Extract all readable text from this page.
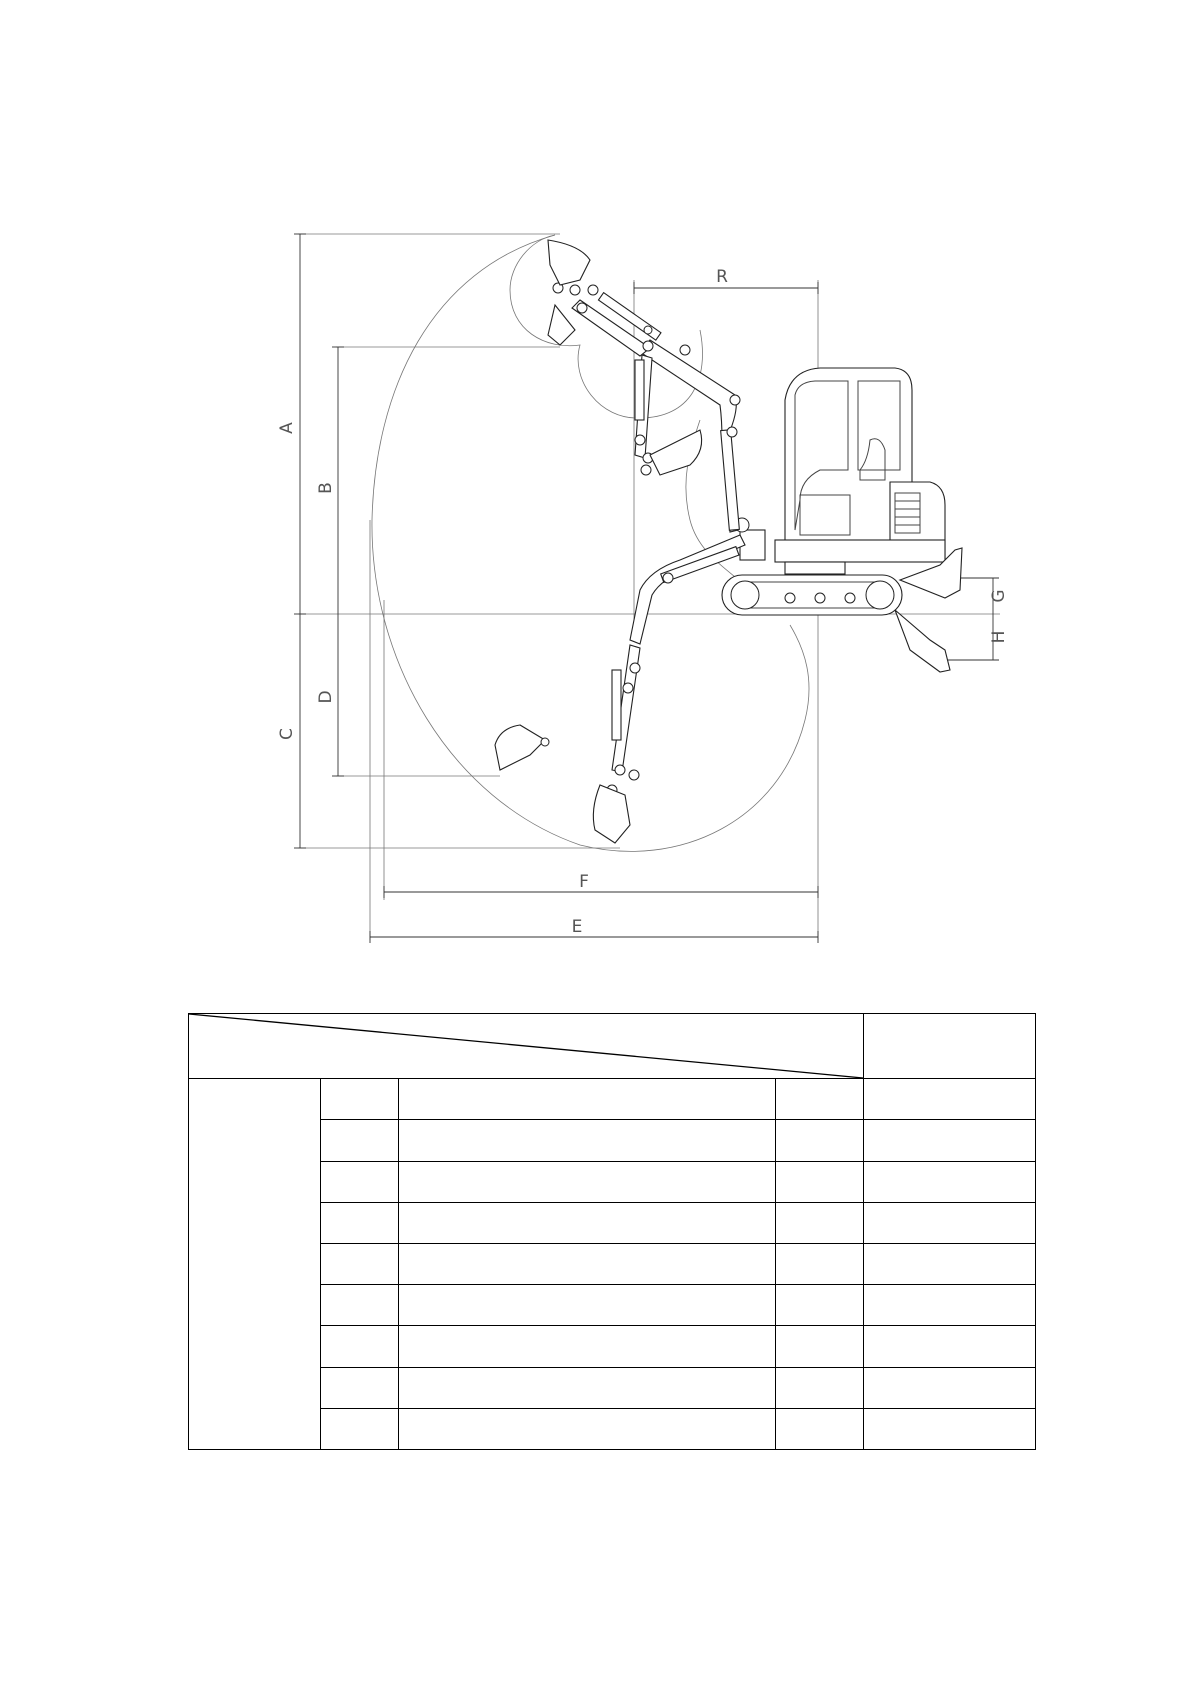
A
B
C
D
R
F
E
G
H
